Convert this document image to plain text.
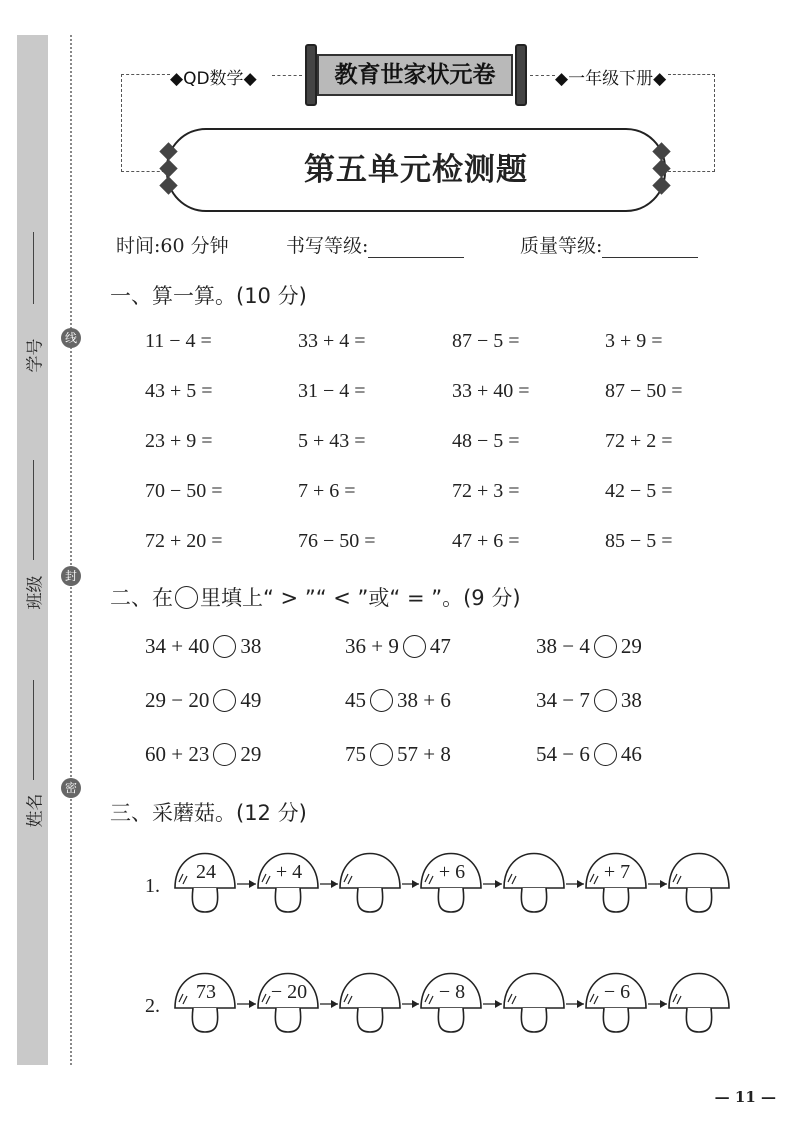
学号
班级
姓名
线
封
密
◆QD数学◆	◆一年级下册◆
教育世家状元卷
第五单元检测题
时间:60 分钟	书写等级:	质量等级:
一、算一算。(10 分)
11 − 4 =	33 + 4 =	87 − 5 =	3 + 9 =
43 + 5 =	31 − 4 =	33 + 40 =	87 − 50 =
23 + 9 =	5 + 43 =	48 − 5 =	72 + 2 =
70 − 50 =	7 + 6 =	72 + 3 =	42 − 5 =
72 + 20 =	76 − 50 =	47 + 6 =	85 − 5 =
二、在 里填上“ > ”“ < ”或“ = ”。(9 分)
34 + 40 38	36 + 9 47	38 − 4 29
29 − 20 49	45 38 + 6	34 − 7 38
60 + 23 29	75 57 + 8	54 − 6 46
三、采蘑菇。(12 分)
1.
24	+ 4	+ 6	+ 7
2.
73	− 20	− 8	− 6
— 11 —
